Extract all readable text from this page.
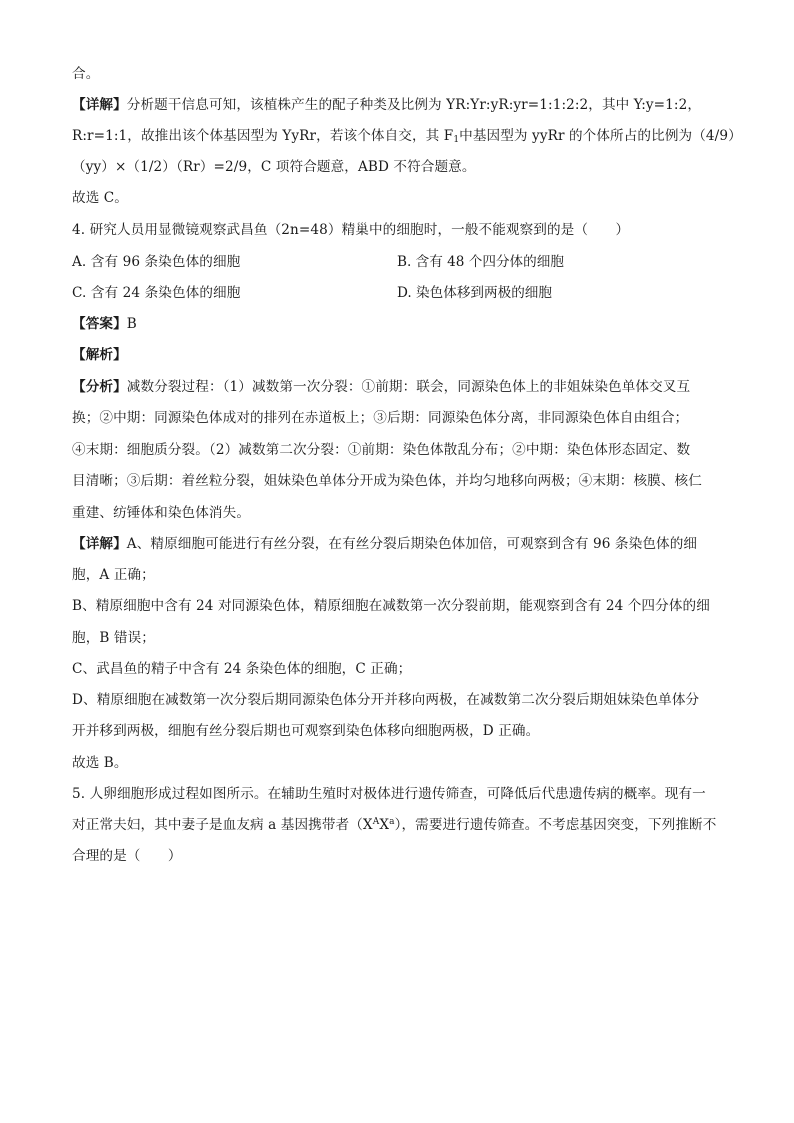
合。
【详解】分析题干信息可知，该植株产生的配子种类及比例为 YR:Yr:yR:yr=1:1:2:2，其中 Y:y=1:2，
R:r=1:1，故推出该个体基因型为 YyRr，若该个体自交，其 $F_1$中基因型为 yyRr 的个体所占的比例为（4/9）
（yy）×（1/2）（Rr）=2/9，C 项符合题意，ABD 不符合题意。
故选 C。
4. 研究人员用显微镜观察武昌鱼（2n=48）精巢中的细胞时，一般不能观察到的是（　　）
A. 含有 96 条染色体的细胞	B. 含有 48 个四分体的细胞
C. 含有 24 条染色体的细胞	D. 染色体移到两极的细胞
【答案】B
【解析】
【分析】减数分裂过程：（1）减数第一次分裂：①前期：联会，同源染色体上的非姐妹染色单体交叉互
换；②中期：同源染色体成对的排列在赤道板上；③后期：同源染色体分离，非同源染色体自由组合；
④末期：细胞质分裂。（2）减数第二次分裂：①前期：染色体散乱分布；②中期：染色体形态固定、数
目清晰；③后期：着丝粒分裂，姐妹染色单体分开成为染色体，并均匀地移向两极；④末期：核膜、核仁
重建、纺锤体和染色体消失。
【详解】A、精原细胞可能进行有丝分裂，在有丝分裂后期染色体加倍，可观察到含有 96 条染色体的细
胞，A 正确；
B、精原细胞中含有 24 对同源染色体，精原细胞在减数第一次分裂前期，能观察到含有 24 个四分体的细
胞，B 错误；
C、武昌鱼的精子中含有 24 条染色体的细胞，C 正确；
D、精原细胞在减数第一次分裂后期同源染色体分开并移向两极，在减数第二次分裂后期姐妹染色单体分
开并移到两极，细胞有丝分裂后期也可观察到染色体移向细胞两极，D 正确。
故选 B。
5. 人卵细胞形成过程如图所示。在辅助生殖时对极体进行遗传筛查，可降低后代患遗传病的概率。现有一
对正常夫妇，其中妻子是血友病 a 基因携带者$(X^AX^a)$，需要进行遗传筛查。不考虑基因突变，下列推断不
合理的是（　　）
